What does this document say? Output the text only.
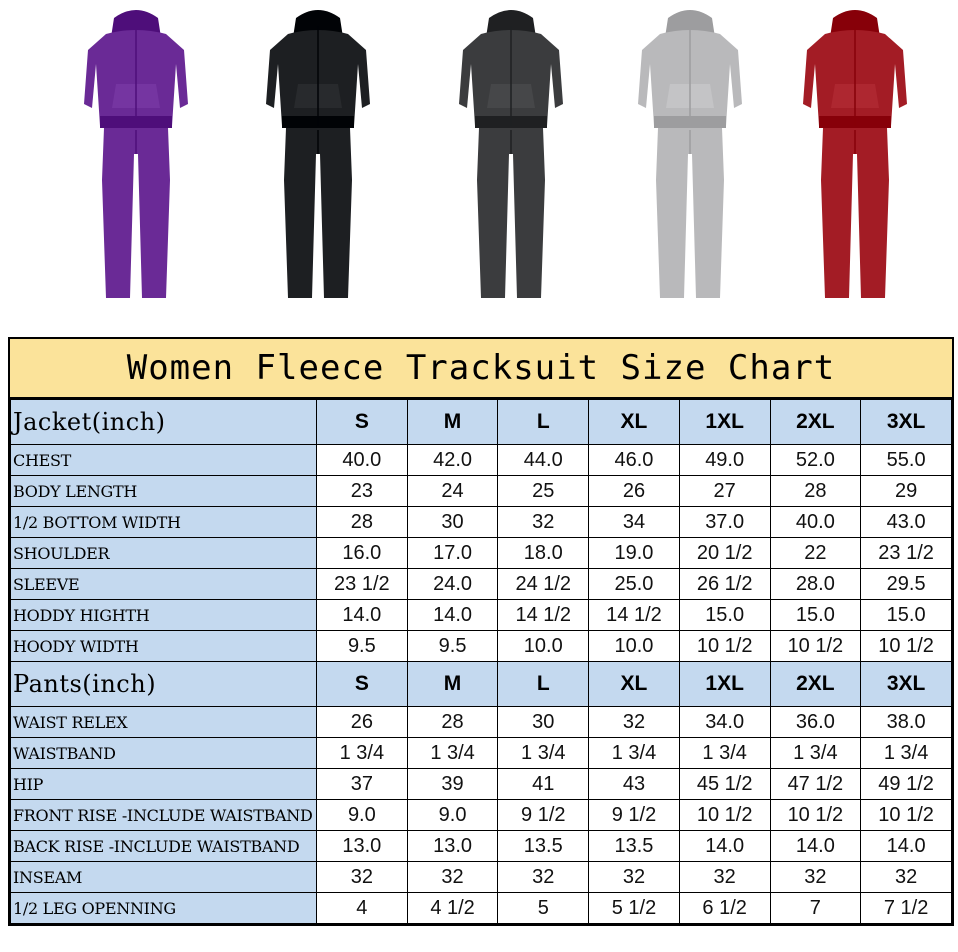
Women Fleece Tracksuit Size Chart
Jacket(inch)	S	M	L	XL	1XL	2XL	3XL
CHEST	40.0	42.0	44.0	46.0	49.0	52.0	55.0
BODY LENGTH	23	24	25	26	27	28	29
1/2 BOTTOM WIDTH	28	30	32	34	37.0	40.0	43.0
SHOULDER	16.0	17.0	18.0	19.0	20 1/2	22	23 1/2
SLEEVE	23 1/2	24.0	24 1/2	25.0	26 1/2	28.0	29.5
HODDY HIGHTH	14.0	14.0	14 1/2	14 1/2	15.0	15.0	15.0
HOODY WIDTH	9.5	9.5	10.0	10.0	10 1/2	10 1/2	10 1/2
Pants(inch)	S	M	L	XL	1XL	2XL	3XL
WAIST RELEX	26	28	30	32	34.0	36.0	38.0
WAISTBAND	1 3/4	1 3/4	1 3/4	1 3/4	1 3/4	1 3/4	1 3/4
HIP	37	39	41	43	45 1/2	47 1/2	49 1/2
FRONT RISE -INCLUDE WAISTBAND	9.0	9.0	9 1/2	9 1/2	10 1/2	10 1/2	10 1/2
BACK RISE -INCLUDE WAISTBAND	13.0	13.0	13.5	13.5	14.0	14.0	14.0
INSEAM	32	32	32	32	32	32	32
1/2 LEG OPENNING	4	4 1/2	5	5 1/2	6 1/2	7	7 1/2
